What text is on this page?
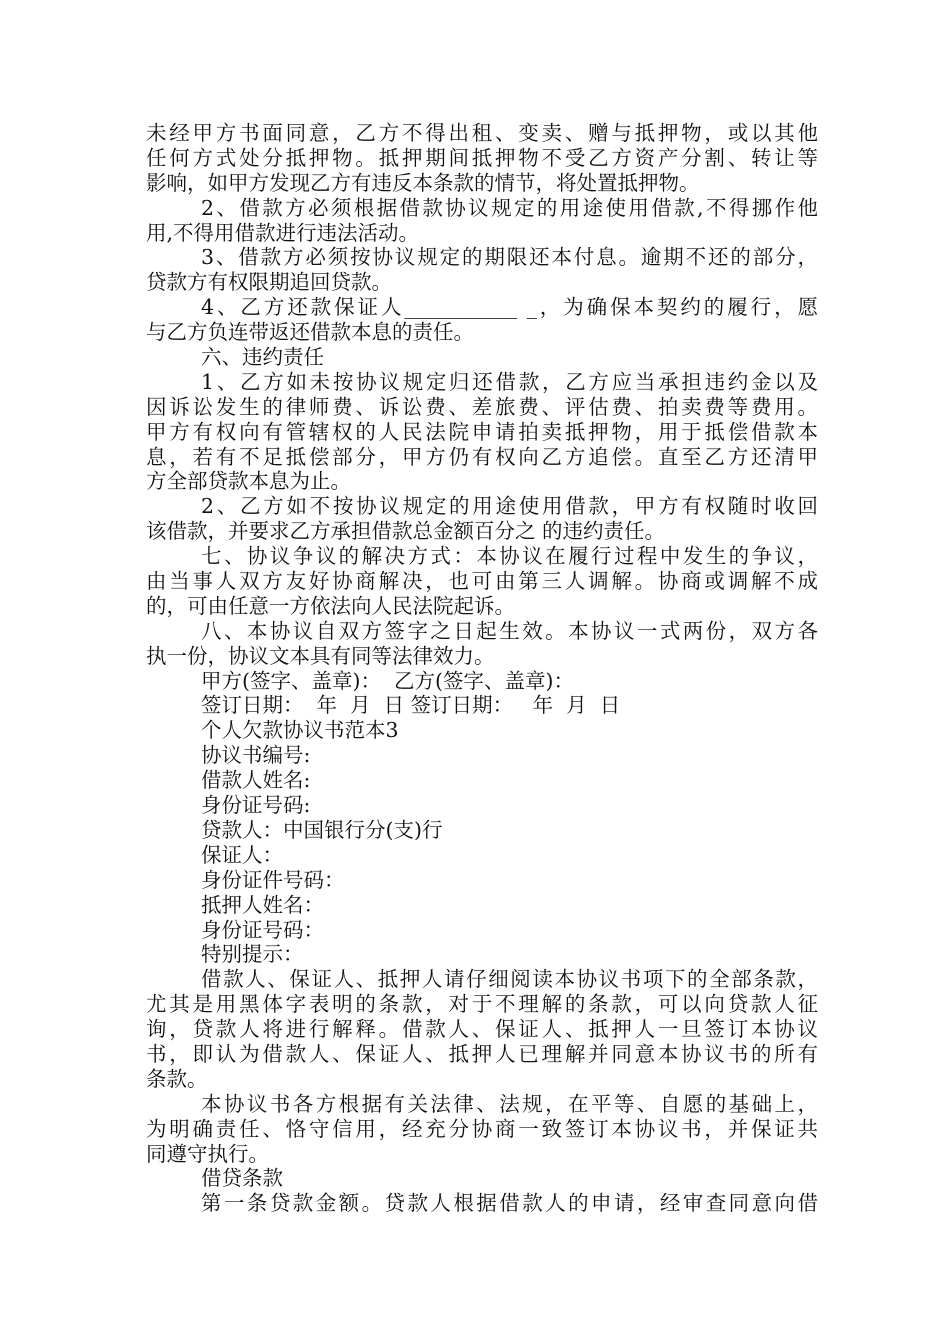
未经甲方书面同意，乙方不得出租、变卖、赠与抵押物，或以其他
任何方式处分抵押物。抵押期间抵押物不受乙方资产分割、转让等
影响，如甲方发现乙方有违反本条款的情节，将处置抵押物。
2、借款方必须根据借款协议规定的用途使用借款,不得挪作他
用,不得用借款进行违法活动。
3、借款方必须按协议规定的期限还本付息。逾期不还的部分，
贷款方有权限期追回贷款。
4、乙方还款保证人___________ _，为确保本契约的履行，愿
与乙方负连带返还借款本息的责任。
六、违约责任
1、乙方如未按协议规定归还借款，乙方应当承担违约金以及
因诉讼发生的律师费、诉讼费、差旅费、评估费、拍卖费等费用。
甲方有权向有管辖权的人民法院申请拍卖抵押物，用于抵偿借款本
息，若有不足抵偿部分，甲方仍有权向乙方追偿。直至乙方还清甲
方全部贷款本息为止。
2、乙方如不按协议规定的用途使用借款，甲方有权随时收回
该借款，并要求乙方承担借款总金额百分之 的违约责任。
七、协议争议的解决方式：本协议在履行过程中发生的争议，
由当事人双方友好协商解决，也可由第三人调解。协商或调解不成
的，可由任意一方依法向人民法院起诉。
八、本协议自双方签字之日起生效。本协议一式两份，双方各
执一份，协议文本具有同等法律效力。
甲方(签字、盖章)：  乙方(签字、盖章)：
签订日期：  年  月  日 签订日期：   年  月  日
个人欠款协议书范本3
协议书编号:
借款人姓名:
身份证号码:
贷款人：中国银行分(支)行
保证人：
身份证件号码：
抵押人姓名：
身份证号码：
特别提示：
借款人、保证人、抵押人请仔细阅读本协议书项下的全部条款，
尤其是用黑体字表明的条款，对于不理解的条款，可以向贷款人征
询，贷款人将进行解释。借款人、保证人、抵押人一旦签订本协议
书，即认为借款人、保证人、抵押人已理解并同意本协议书的所有
条款。
本协议书各方根据有关法律、法规，在平等、自愿的基础上，
为明确责任、恪守信用，经充分协商一致签订本协议书，并保证共
同遵守执行。
借贷条款
第一条贷款金额。贷款人根据借款人的申请，经审查同意向借
